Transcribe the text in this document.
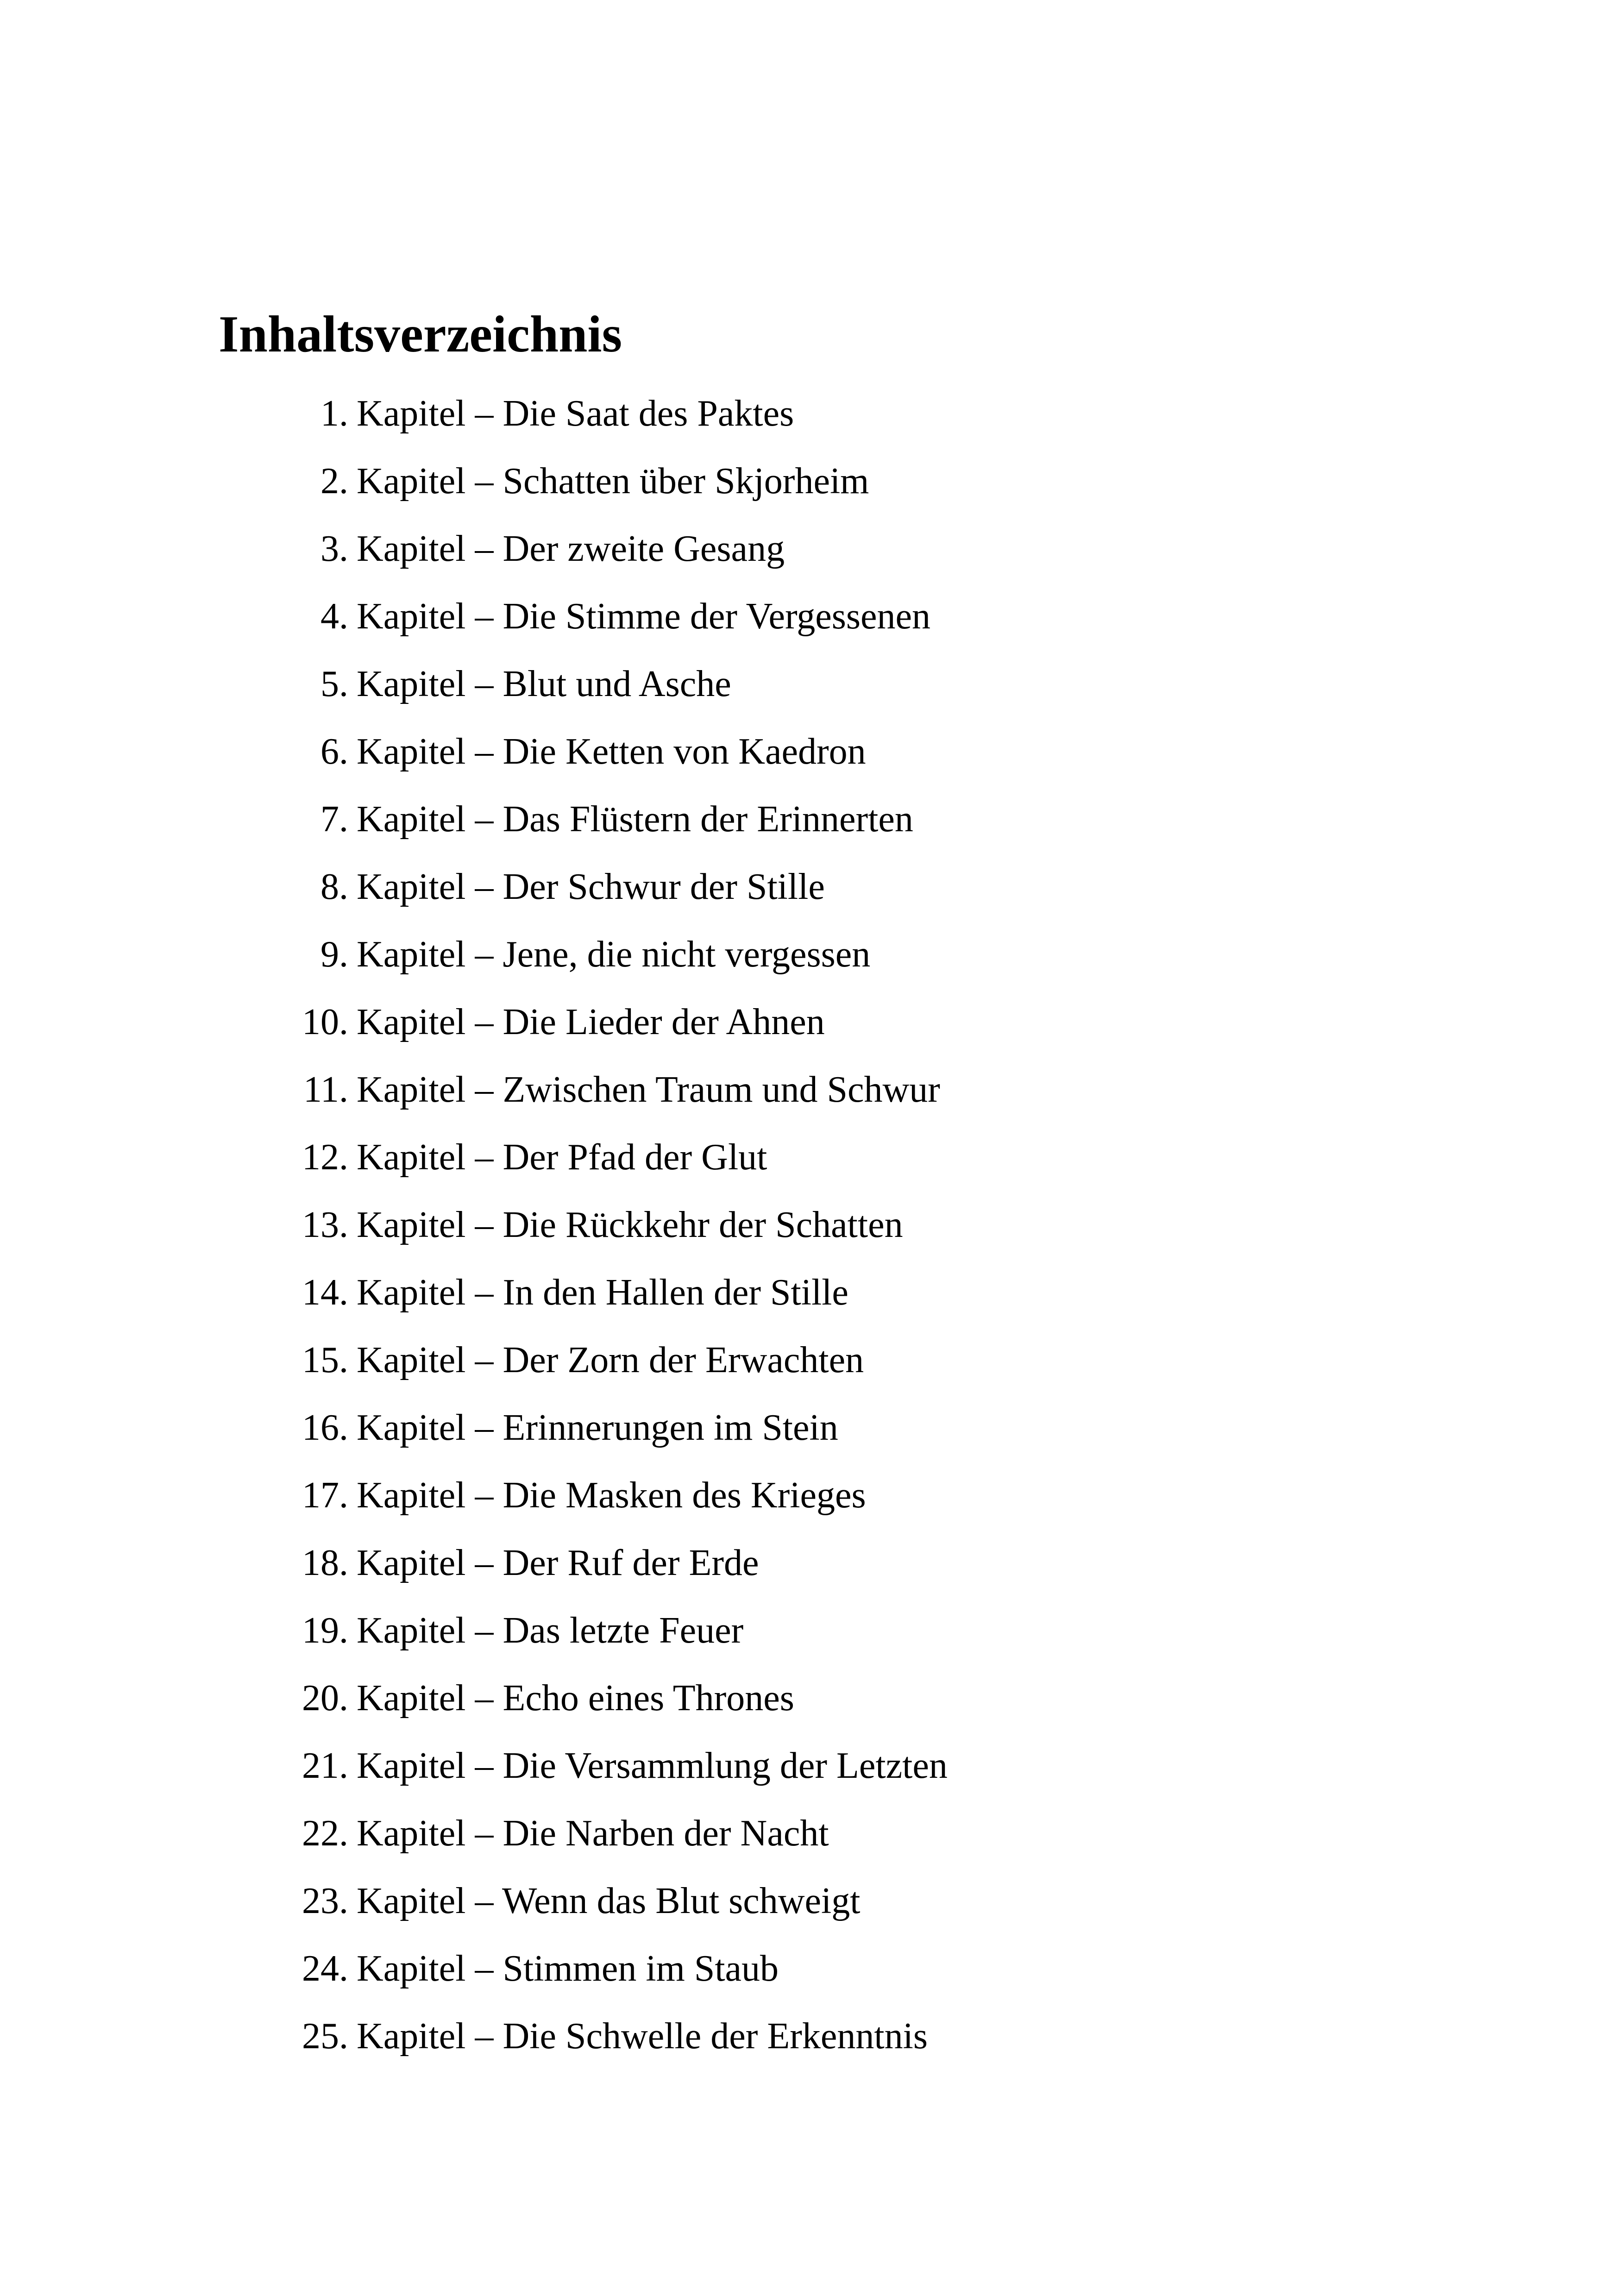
Inhaltsverzeichnis
1. Kapitel – Die Saat des Paktes
2. Kapitel – Schatten über Skjorheim
3. Kapitel – Der zweite Gesang
4. Kapitel – Die Stimme der Vergessenen
5. Kapitel – Blut und Asche
6. Kapitel – Die Ketten von Kaedron
7. Kapitel – Das Flüstern der Erinnerten
8. Kapitel – Der Schwur der Stille
9. Kapitel – Jene, die nicht vergessen
10. Kapitel – Die Lieder der Ahnen
11. Kapitel – Zwischen Traum und Schwur
12. Kapitel – Der Pfad der Glut
13. Kapitel – Die Rückkehr der Schatten
14. Kapitel – In den Hallen der Stille
15. Kapitel – Der Zorn der Erwachten
16. Kapitel – Erinnerungen im Stein
17. Kapitel – Die Masken des Krieges
18. Kapitel – Der Ruf der Erde
19. Kapitel – Das letzte Feuer
20. Kapitel – Echo eines Thrones
21. Kapitel – Die Versammlung der Letzten
22. Kapitel – Die Narben der Nacht
23. Kapitel – Wenn das Blut schweigt
24. Kapitel – Stimmen im Staub
25. Kapitel – Die Schwelle der Erkenntnis
